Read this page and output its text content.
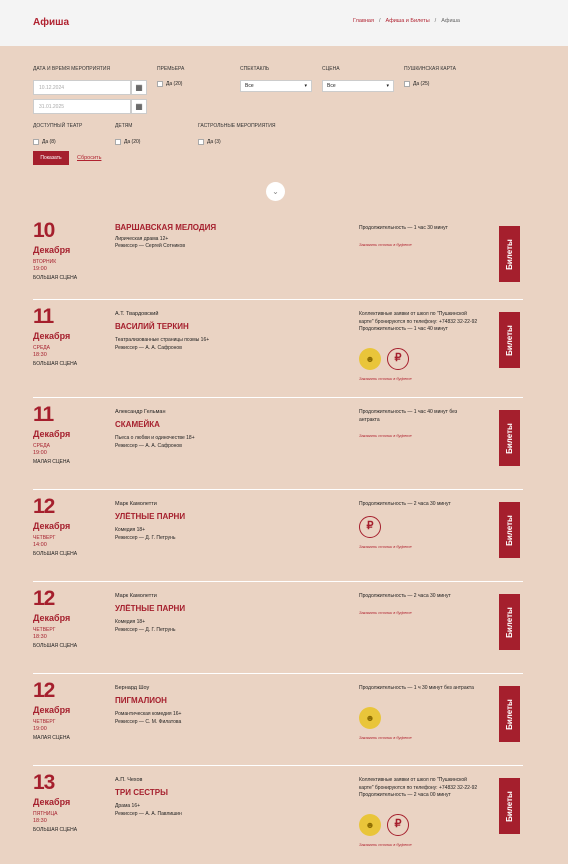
Афиша	Главная / Афиша и Билеты / Афиша
ДАТА И ВРЕМЯ МЕРОПРИЯТИЯ
10.12.2024	▦
31.01.2025	▦
ПРЕМЬЕРА
Да (20)
СПЕКТАКЛЬ
Все	▾
СЦЕНА
Все	▾
ПУШКИНСКАЯ КАРТА
Да (25)
ДОСТУПНЫЙ ТЕАТР
Да (8)
ДЕТЯМ
Да (20)
ГАСТРОЛЬНЫЕ МЕРОПРИЯТИЯ
Да (3)
Показать	Сбросить
⌄
10
Декабря
ВТОРНИК
19:00
БОЛЬШАЯ СЦЕНА
ВАРШАВСКАЯ МЕЛОДИЯ
Лирическая драма 12+
Режиссер — Сергей Сотников
Продолжительность — 1 час 30 минут
Заказать столик в буфете	Билеты
11
Декабря
СРЕДА
18:30
БОЛЬШАЯ СЦЕНА
А.Т. Твардовский
ВАСИЛИЙ ТЕРКИН
Театрализованные страницы поэмы 16+
Режиссер — А. А. Сафронов
Коллективные заявки от школ по "Пушкинской карте" бронируются по телефону: +74832 32-22-92 Продолжительность — 1 час 40 минут
Заказать столик в буфете
Билеты
☻	₽
11
Декабря
СРЕДА
19:00
МАЛАЯ СЦЕНА
Александр Гельман
СКАМЕЙКА
Пьеса о любви и одиночестве 18+
Режиссер — А. А. Сафронов
Продолжительность — 1 час 40 минут без антракта
Заказать столик в буфете	Билеты
12
Декабря
ЧЕТВЕРГ
14:00
БОЛЬШАЯ СЦЕНА
Марк Камолетти
УЛЁТНЫЕ ПАРНИ
Комедия 18+
Режиссер — Д. Г. Петрунь
Продолжительность — 2 часа 30 минут
Заказать столик в буфете
Билеты
₽
12
Декабря
ЧЕТВЕРГ
18:30
БОЛЬШАЯ СЦЕНА
Марк Камолетти
УЛЁТНЫЕ ПАРНИ
Комедия 18+
Режиссер — Д. Г. Петрунь
Продолжительность — 2 часа 30 минут
Заказать столик в буфете	Билеты
12
Декабря
ЧЕТВЕРГ
19:00
МАЛАЯ СЦЕНА
Бернард Шоу
ПИГМАЛИОН
Романтическая комедия 16+
Режиссер — С. М. Филатова
Продолжительность — 1 ч 30 минут без антракта
Заказать столик в буфете
Билеты
☻
13
Декабря
ПЯТНИЦА
18:30
БОЛЬШАЯ СЦЕНА
А.П. Чехов
ТРИ СЕСТРЫ
Драма 16+
Режиссер — А. А. Павлишин
Коллективные заявки от школ по "Пушкинской карте" бронируются по телефону: +74832 32-22-92 Продолжительность — 2 часа 00 минут
Заказать столик в буфете
Билеты
☻	₽
